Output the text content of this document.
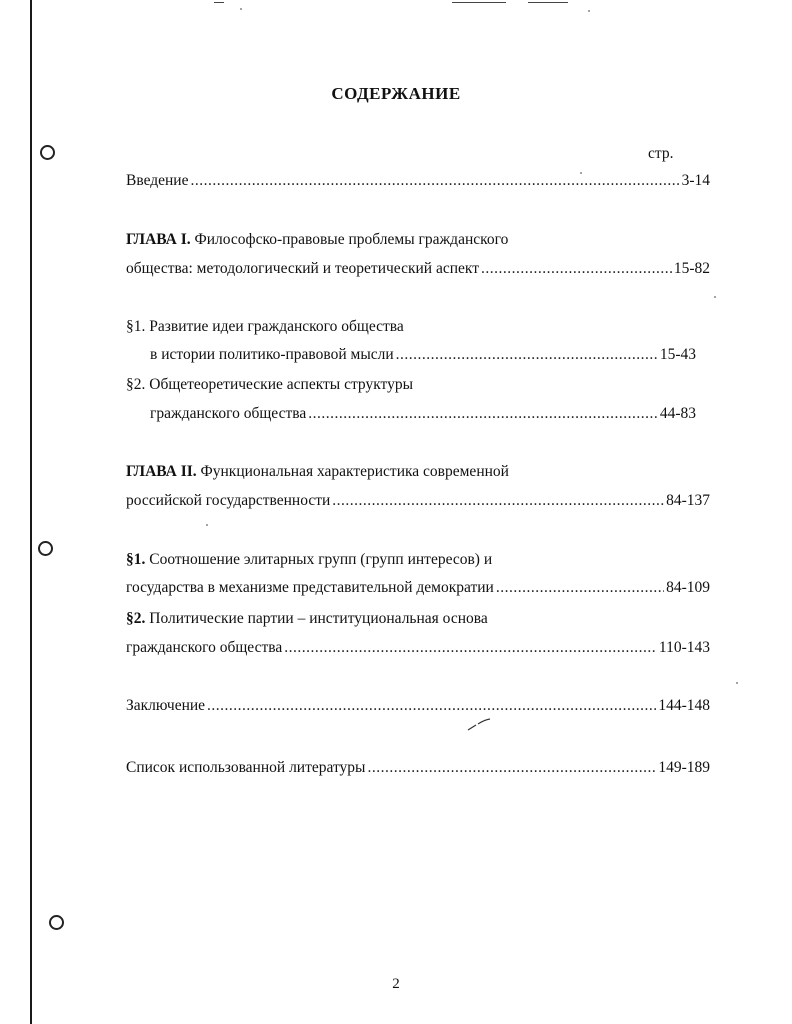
СОДЕРЖАНИЕ
стр.
Введение .....	3-14
ГЛАВА I. Философско-правовые проблемы гражданского
общества: методологический и теоретический аспект .....	15-82
§1. Развитие идеи гражданского общества
в истории политико-правовой мысли .....	15-43
§2. Общетеоретические аспекты структуры
гражданского общества .....	44-83
ГЛАВА II. Функциональная характеристика современной
российской государственности .....	84-137
§1. Соотношение элитарных групп (групп интересов) и
государства в механизме представительной демократии .....	84-109
§2. Политические партии – институциональная основа
гражданского общества .....	110-143
Заключение .....	144-148
Список использованной литературы .....	149-189
2
